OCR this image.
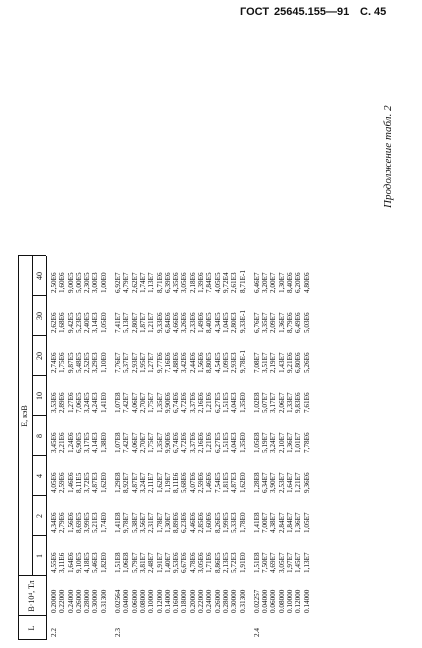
ГОСТ 25645.155—91 С. 45
Продолжение табл. 2
L
B·10⁴, Тл
E, кэВ
1
2
4
8
10
20
30
40
2.2
0.20000 0.22000 0.24000 0.26000 0.28000 0.30000 0.31300
4,55E6 3,11E6 1,64E6 9,10E5 4,18E5 5,46E3 1,82E0
4,34E6 2,79E6 1,56E6 8,69E5 3,99E5 5,21E3 1,74E0
4,05E6 2,59E6 1,46E6 8,11E5 3,72E5 4,87E3 1,62E0
3,45E6 2,21E6 1,24E6 6,90E5 3,17E5 4,14E3 1,38E0
3,53E6 2,89E6 1,27E6 7,06E5 3,24E5 4,24E3 1,41E0
2,74E6 1,75E6 9,87E5 5,48E5 2,52E5 3,29E3 1,10E0
2,62E6 1,68E6 9,42E5 5,23E5 2,40E5 3,14E3 1,05E0
2,50E6 1,60E6 9,00E5 5,00E5 2,30E5 3,00E3 1,00E0
2.3
0.02564 0.04000 0.06000 0.08000 0.10000 0.12000 0.14000 0.16000 0.18000 0.20000 0.22000 0.24000 0.26000 0.28000 0.30000 0.31300
1,51E8 1,06E8 5,79E7 3,81E7 2,48E7 1,91E7 1,40E7 9,53E6 6,67E6 4,78E6 3,05E6 1,71E6 8,86E5 2,13E5 5,72E3 1,91E0
1,41E8 9,78E7 5,38E7 3,56E7 2,31E7 1,78E7 1,30E7 8,89E6 6,23E6 4,46E6 2,85E6 1,60E6 8,26E5 1,99E5 5,33E3 1,78E0
1,29E8 8,92E7 4,87E7 3,24E7 2,11E7 1,62E7 1,19E7 8,11E6 5,68E6 4,07E6 2,59E6 1,46E6 7,54E5 1,81E5 4,87E3 1,62E0
1,07E8 7,42E7 4,06E7 2,70E7 1,75E7 1,35E7 9,90E6 6,74E6 4,72E6 3,37E6 2,16E6 1,21E6 6,27E5 1,51E5 4,04E3 1,35E0
1,07E8 7,42E7 4,06E7 2,70E7 1,75E7 1,35E7 9,90E6 6,74E6 4,72E6 3,37E6 2,16E6 1,21E6 6,27E5 1,51E5 4,04E3 1,35E0
7,76E7 5,37E7 2,93E7 1,95E7 1,27E7 9,77E6 7,16E6 4,88E6 3,42E6 2,44E6 1,56E6 8,80E5 4,54E5 1,09E5 2,93E3 9,78E-1
7,41E7 5,13E7 2,80E7 1,87E7 1,21E7 9,33E6 6,84E6 4,66E6 3,26E6 2,33E6 1,49E6 8,40E5 4,34E5 1,04E5 2,80E3 9,33E-1
6,92E7 4,79E7 2,62E7 1,74E7 1,13E7 8,71E6 6,39E6 4,35E6 3,05E6 2,18E6 1,39E6 7,84E5 4,05E5 9,72E4 2,61E3 8,71E-1
2.4
0.02257 0.04000 0.06000 0.08000 0.10000 0.12000 0.14000
1,51E8 7,50E7 4,69E7 3,05E7 1,97E7 1,45E7 1,13E7
1,41E8 7,00E7 4,38E7 2,84E7 1,84E7 1,36E7 1,05E7
1,28E8 6,34E7 3,90E7 2,53E7 1,64E7 1,21E7 9,36E6
1,05E8 5,19E7 3,24E7 2,10E7 1,36E7 1,01E7 7,78E6
1,02E8 5,07E7 3,17E7 2,06E7 1,33E7 9,83E6 7,61E6
7,08E7 3,51E7 2,19E7 1,43E7 9,21E6 6,80E6 5,26E6
6,76E7 3,35E7 2,09E7 1,36E7 8,79E6 6,49E6 5,03E6
6,46E7 3,20E7 2,00E7 1,30E7 8,40E6 6,20E6 4,80E6
